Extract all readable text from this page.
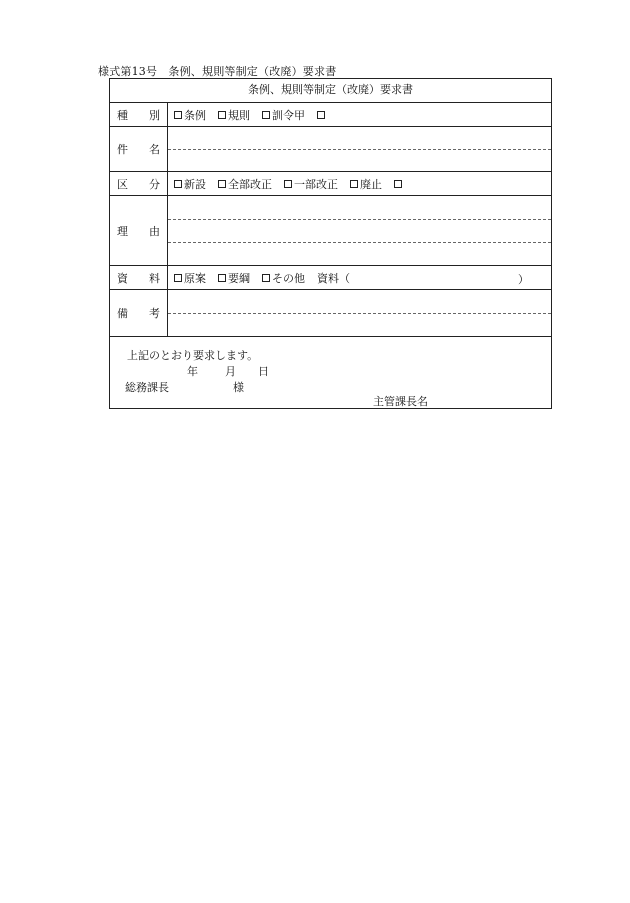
様式第13号　条例、規則等制定（改廃）要求書
条例、規則等制定（改廃）要求書
種 別 条例 規則 訓令甲
件 名
区 分 新設 全部改正 一部改正 廃止
理 由
資 料 原案 要綱 その他 資料（	）
備 考
上記のとおり要求します。
年 月 日
総務課長	様
主管課長名
